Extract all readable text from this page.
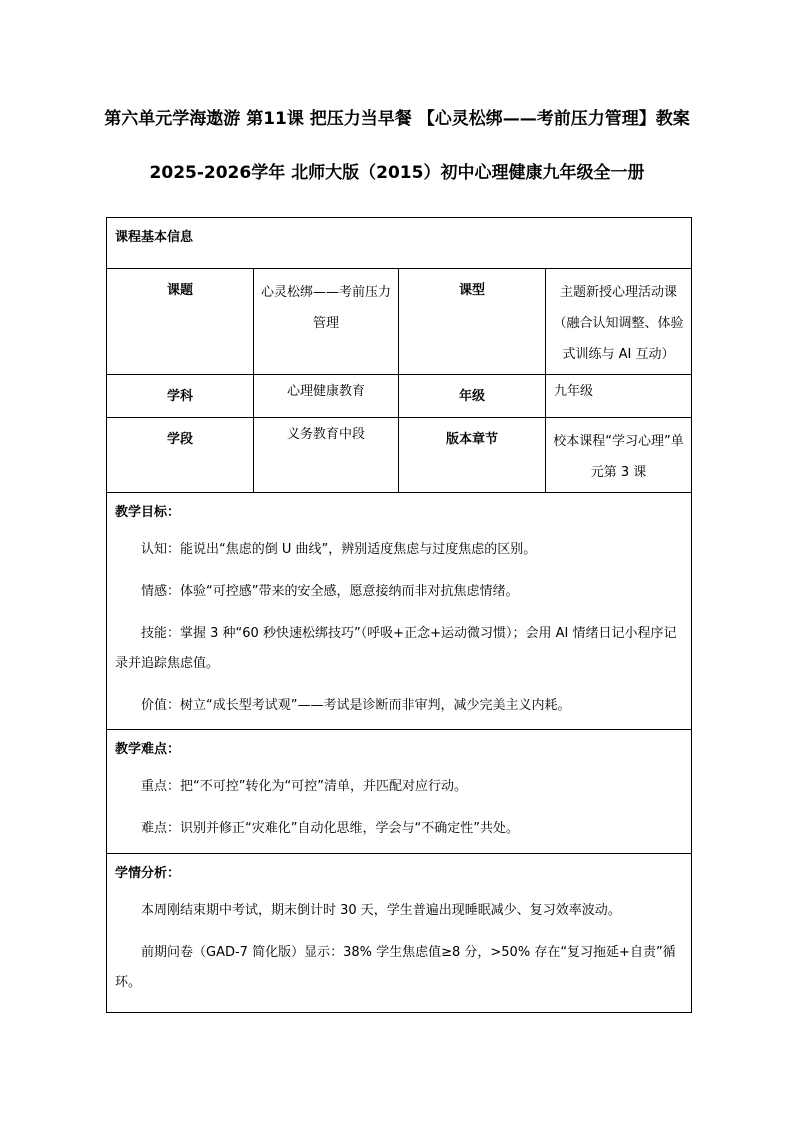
第六单元学海遨游 第11课 把压力当早餐 【心灵松绑——考前压力管理】教案
2025-2026学年 北师大版（2015）初中心理健康九年级全一册
课程基本信息			
课题	心灵松绑——考前压力管理	课型	主题新授心理活动课（融合认知调整、体验式训练与 AI 互动）
学科	心理健康教育	年级	九年级
学段	义务教育中段	版本章节	校本课程“学习心理”单元第 3 课

教学目标：

认知：能说出“焦虑的倒 U 曲线”，辨别适度焦虑与过度焦虑的区别。

情感：体验“可控感”带来的安全感，愿意接纳而非对抗焦虑情绪。

技能：掌握 3 种“60 秒快速松绑技巧”（呼吸+正念+运动微习惯）；会用 AI 情绪日记小程序记录并追踪焦虑值。

价值：树立“成长型考试观”——考试是诊断而非审判，减少完美主义内耗。			

教学难点：

重点：把“不可控”转化为“可控”清单，并匹配对应行动。

难点：识别并修正“灾难化”自动化思维，学会与“不确定性”共处。			

学情分析：

本周刚结束期中考试，期末倒计时 30 天，学生普遍出现睡眠减少、复习效率波动。

前期问卷（GAD-7 简化版）显示：38% 学生焦虑值≥8 分，>50% 存在“复习拖延+自责”循环。			
